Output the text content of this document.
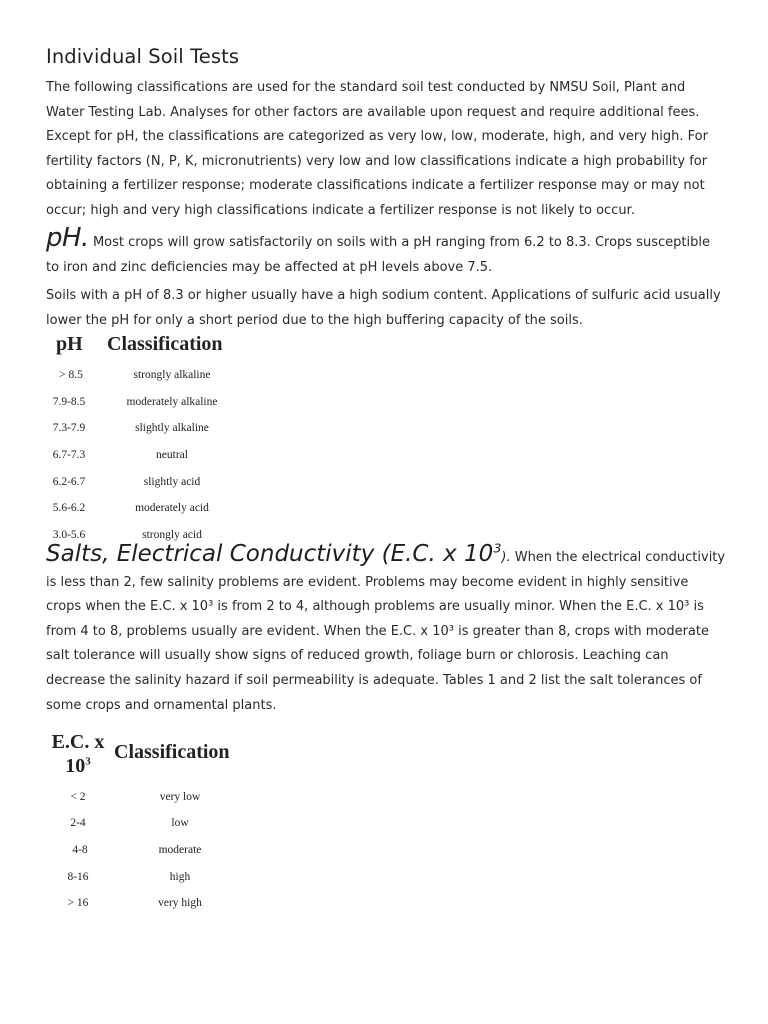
Individual Soil Tests

The following classifications are used for the standard soil test conducted by NMSU Soil, Plant and Water Testing Lab. Analyses for other factors are available upon request and require additional fees. Except for pH, the classifications are categorized as very low, low, moderate, high, and very high. For fertility factors (N, P, K, micronutrients) very low and low classifications indicate a high probability for obtaining a fertilizer response; moderate classifications indicate a fertilizer response may or may not occur; high and very high classifications indicate a fertilizer response is not likely to occur.

pH. Most crops will grow satisfactorily on soils with a pH ranging from 6.2 to 8.3. Crops susceptible to iron and zinc deficiencies may be affected at pH levels above 7.5.

Soils with a pH of 8.3 or higher usually have a high sodium content. Applications of sulfuric acid usually lower the pH for only a short period due to the high buffering capacity of the soils.

pH Classification
> 8.5	strongly alkaline
7.9-8.5	moderately alkaline
7.3-7.9	slightly alkaline
6.7-7.3	neutral
6.2-6.7	slightly acid
5.6-6.2	moderately acid
3.0-5.6	strongly acid

Salts, Electrical Conductivity (E.C. x $10^3$). When the electrical conductivity is less than 2, few salinity problems are evident. Problems may become evident in highly sensitive crops when the E.C. x 10³ is from 2 to 4, although problems are usually minor. When the E.C. x 10³ is from 4 to 8, problems usually are evident. When the E.C. x 10³ is greater than 8, crops with moderate salt tolerance will usually show signs of reduced growth, foliage burn or chlorosis. Leaching can decrease the salinity hazard if soil permeability is adequate. Tables 1 and 2 list the salt tolerances of some crops and ornamental plants.

E.C. x
$10^3$	Classification
< 2	very low
2-4	low
4-8	moderate
8-16	high
> 16	very high
